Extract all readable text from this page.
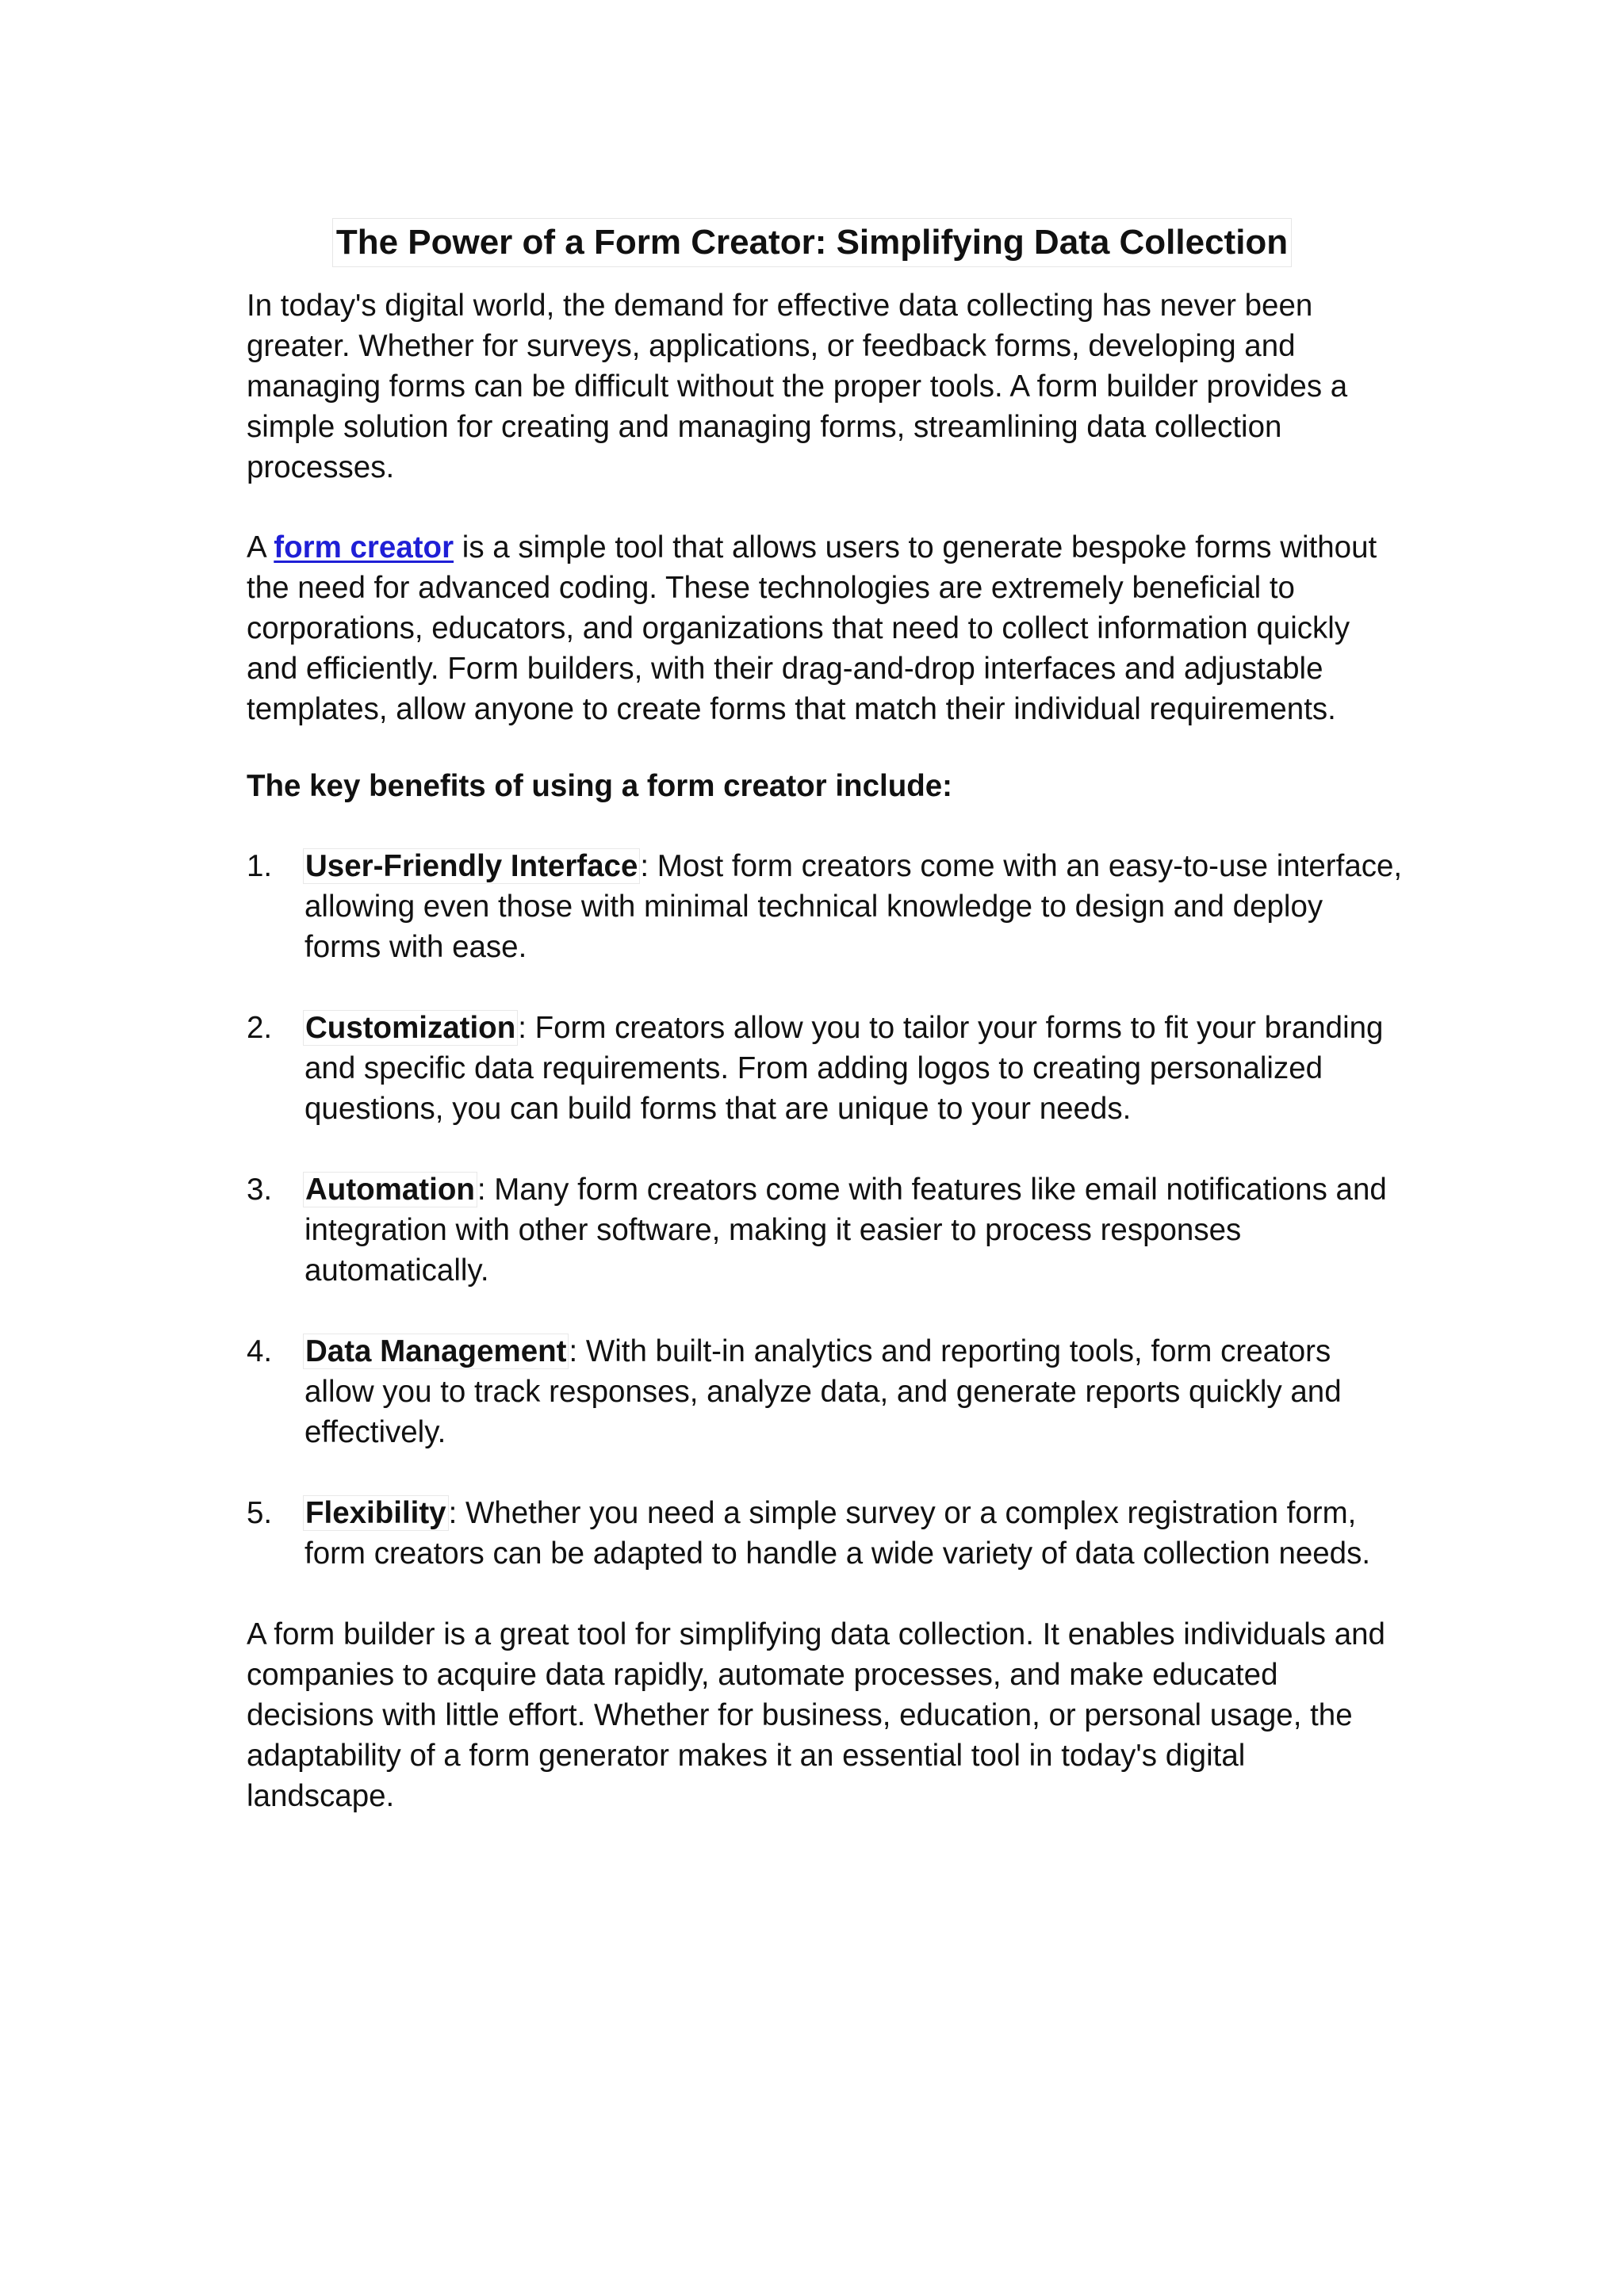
The Power of a Form Creator: Simplifying Data Collection

In today's digital world, the demand for effective data collecting has never been greater. Whether for surveys, applications, or feedback forms, developing and managing forms can be difficult without the proper tools. A form builder provides a simple solution for creating and managing forms, streamlining data collection processes.

A form creator is a simple tool that allows users to generate bespoke forms without the need for advanced coding. These technologies are extremely beneficial to corporations, educators, and organizations that need to collect information quickly and efficiently. Form builders, with their drag-and-drop interfaces and adjustable templates, allow anyone to create forms that match their individual requirements.

The key benefits of using a form creator include:

1.	User-Friendly Interface: Most form creators come with an easy-to-use interface, allowing even those with minimal technical knowledge to design and deploy forms with ease.
2.	Customization: Form creators allow you to tailor your forms to fit your branding and specific data requirements. From adding logos to creating personalized questions, you can build forms that are unique to your needs.
3.	Automation: Many form creators come with features like email notifications and integration with other software, making it easier to process responses automatically.
4.	Data Management: With built-in analytics and reporting tools, form creators allow you to track responses, analyze data, and generate reports quickly and effectively.
5.	Flexibility: Whether you need a simple survey or a complex registration form, form creators can be adapted to handle a wide variety of data collection needs.

A form builder is a great tool for simplifying data collection. It enables individuals and companies to acquire data rapidly, automate processes, and make educated decisions with little effort. Whether for business, education, or personal usage, the adaptability of a form generator makes it an essential tool in today's digital landscape.
